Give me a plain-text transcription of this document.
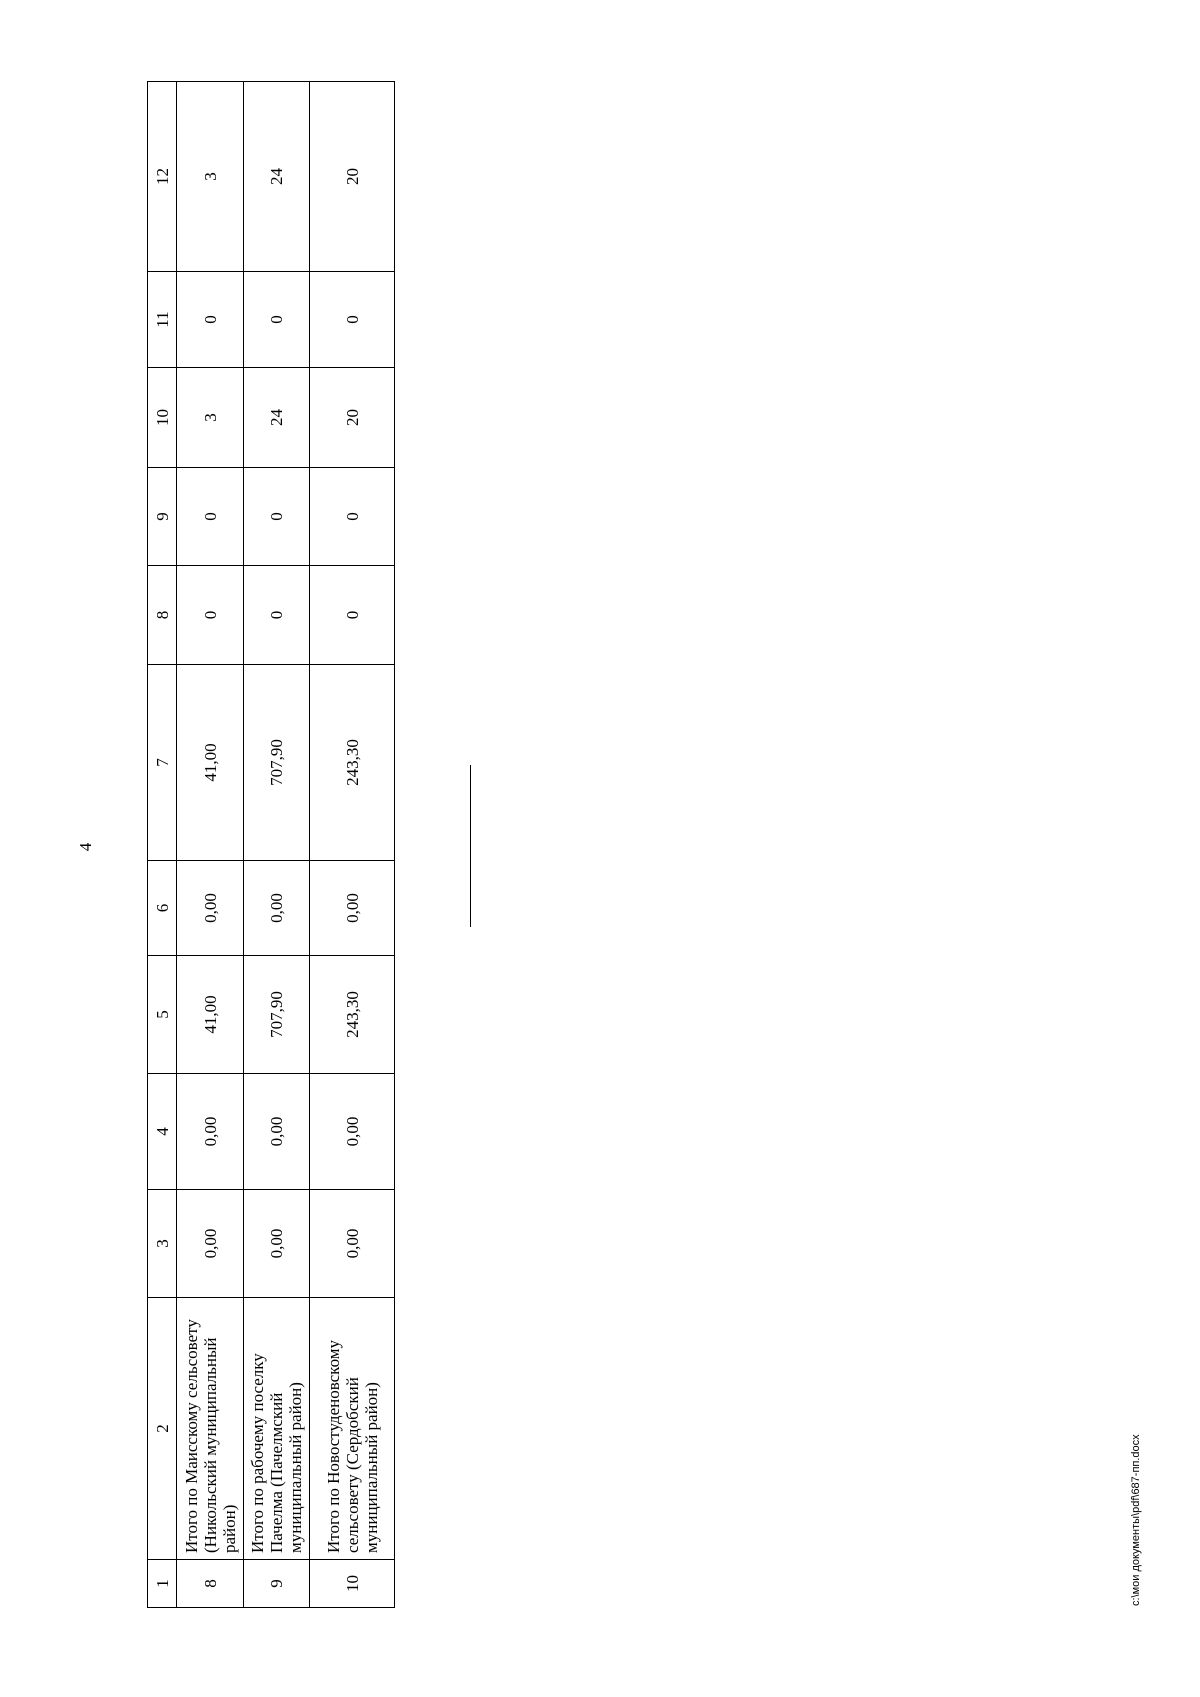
4
1	2	3	4	5	6	7	8	9	10	11	12
8	Итого по Маисскому сельсовету (Никольский муниципальный район)	0,00	0,00	41,00	0,00	41,00	0	0	3	0	3
9	Итого по рабочему поселку Пачелма (Пачелмский муниципальный район)	0,00	0,00	707,90	0,00	707,90	0	0	24	0	24
10	Итого по Новостуденовскому сельсовету (Сердобский муниципальный район)	0,00	0,00	243,30	0,00	243,30	0	0	20	0	20
c:\мои документы\pdf\687-пп.docx
